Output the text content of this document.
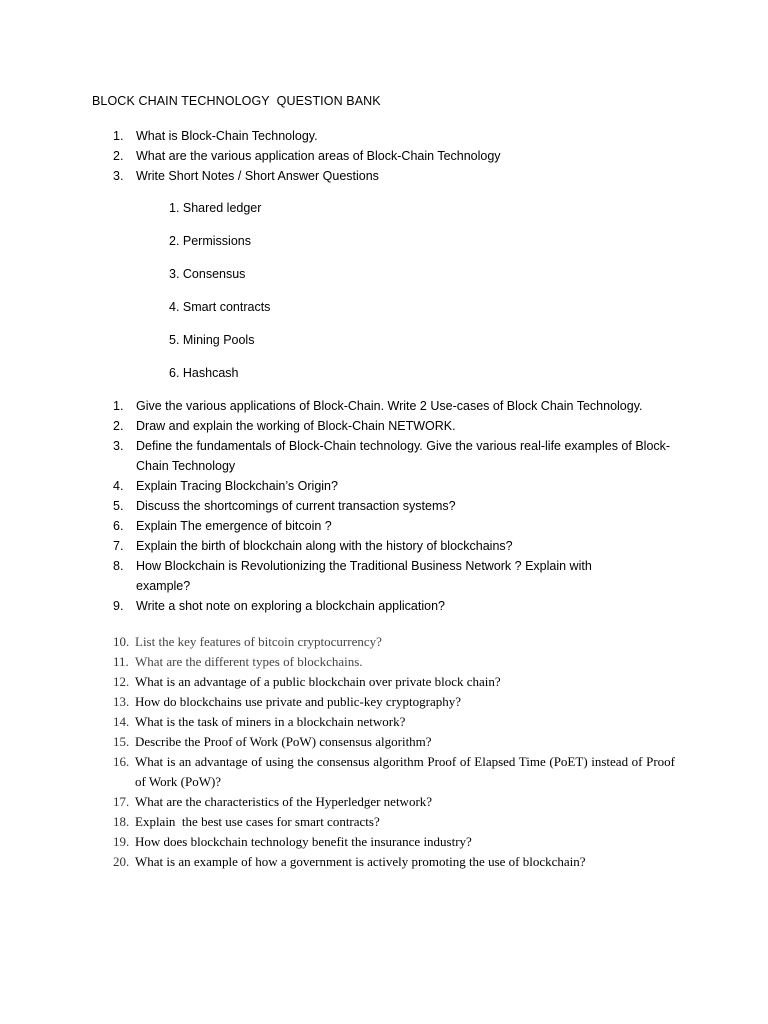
BLOCK CHAIN TECHNOLOGY  QUESTION BANK
1. What is Block-Chain Technology.
2. What are the various application areas of Block-Chain Technology
3. Write Short Notes / Short Answer Questions
1. Shared ledger
2. Permissions
3. Consensus
4. Smart contracts
5. Mining Pools
6. Hashcash
1. Give the various applications of Block-Chain. Write 2 Use-cases of Block Chain Technology.
2. Draw and explain the working of Block-Chain NETWORK.
3. Define the fundamentals of Block-Chain technology. Give the various real-life examples of Block-Chain Technology
4. Explain Tracing Blockchain’s Origin?
5. Discuss the shortcomings of current transaction systems?
6. Explain The emergence of bitcoin ?
7. Explain the birth of blockchain along with the history of blockchains?
8. How Blockchain is Revolutionizing the Traditional Business Network ? Explain with example?
9. Write a shot note on exploring a blockchain application?
10. List the key features of bitcoin cryptocurrency?
11. What are the different types of blockchains.
12. What is an advantage of a public blockchain over private block chain?
13. How do blockchains use private and public-key cryptography?
14. What is the task of miners in a blockchain network?
15. Describe the Proof of Work (PoW) consensus algorithm?
16. What is an advantage of using the consensus algorithm Proof of Elapsed Time (PoET) instead of Proof of Work (PoW)?
17. What are the characteristics of the Hyperledger network?
18. Explain  the best use cases for smart contracts?
19. How does blockchain technology benefit the insurance industry?
20. What is an example of how a government is actively promoting the use of blockchain?
